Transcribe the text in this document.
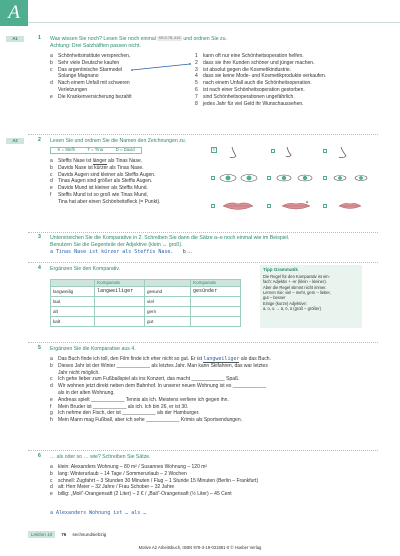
A
A1	1 Was wissen Sie noch? Lesen Sie noch einmal KB 5-7B, A16 und ordnen Sie zu.
Achtung: Drei Satzhälften passen nicht.
a	Schönheitsinstitute versprechen,
b	Sehr viele Deutsche kaufen
c	Das argentinische Starmodel
Solange Magnano
d	Nach einem Unfall mit schweren
Verletzungen
e	Die Krankenversicherung bezahlt
1	kann oft nur eine Schönheitsoperation helfen.
2	dass sie ihre Kunden schöner und jünger machen.
3	ist absolut gegen die Kosmetikindustrie.
4	dass sie keine Mode- und Kosmetikprodukte verkaufen.
5	nach einem Unfall auch die Schönheitsoperation.
6	ist nach einer Schönheitsoperation gestorben.
7	sind Schönheitsoperationen ungefährlich.
8	jedes Jahr für viel Geld ihr Wunschaussehen.
A2	2 Lesen Sie und ordnen Sie die Namen den Zeichnungen zu.
S = Steffi	T = Tina	D = David
a	Steffis Nase ist länger als Tinas Nase.
b	Davids Nase ist kürzer als Tinas Nase.
c	Davids Augen sind kleiner als Steffis Augen.
d	Tinas Augen sind größer als Steffis Augen.
e	Davids Mund ist kleiner als Steffis Mund.
f	Steffis Mund ist so groß wie Tinas Mund,
Tina hat aber einen Schönheitsfleck (= Punkt).
T
3 Unterstreichen Sie die Komparative in 2. Schreiben Sie dann die Sätze a–e noch einmal wie im Beispiel.
Benutzen Sie die Gegenteile der Adjektive (klein ↔ groß).
a Tinas Nase ist kürzer als Steffis Nase. b …
4 Ergänzen Sie den Komparativ.
	Komparativ		Komparativ
langweilig	langweiliger	gesund	gesünder
laut		viel	
alt		gern	
kalt		gut	
Tipp Grammatik
Die Regel für den Komparativ ist ein-
fach: Adjektiv + -er (klein – kleiner).
Aber die Regel stimmt nicht immer.
Lernen Sie: viel – mehr, gern – lieber,
gut – besser
Einige (kurze) Adjektive:
a, o, u → ä, ö, ü (groß – größer)
5 Ergänzen Sie die Komparative aus 4.
a	Das Buch finde ich toll, den Film finde ich eher nicht so gut. Er ist langweiliger als das Buch.
b	Dieses Jahr ist der Winter ____________ als letztes Jahr. Man kann Skifahren, das war letztes
Jahr nicht möglich.
c	Ich gehe lieber zum Fußballspiel als ins Konzert, das macht ____________ Spaß.
d	Wir wohnen jetzt direkt neben dem Bahnhof. In unserer neuen Wohnung ist es ____________
als in der alten Wohnung.
e	Andreas spielt ____________ Tennis als ich. Meistens verliere ich gegen ihn.
f	Mein Bruder ist ____________ als ich. Ich bin 26, er ist 30.
g	Ich nehme den Fisch, der ist ____________ als der Hamburger.
h	Mein Mann mag Fußball, aber ich sehe ____________ Krimis als Sportsendungen.
6 … als oder so … wie? Schreiben Sie Sätze.
a	klein: Alexanders Wohnung – 80 m² / Susannes Wohnung – 120 m²
b	lang: Winterurlaub – 14 Tage / Sommerurlaub – 2 Wochen
c	schnell: Zugfahrt – 3 Stunden 30 Minuten / Flug – 1 Stunde 15 Minuten (Berlin – Frankfurt)
d	alt: Herr Meier – 32 Jahre / Frau Schober – 32 Jahre
e	billig: „Moli“-Orangensaft (2 Liter) – 2 € / „Bali“-Orangensaft (½ Liter) – 45 Cent
a Alexanders Wohnung ist … als …
Lektion 10	76 sechsundsiebzig
Motive A2 Arbeitsbuch, ISBN 978-3-19-031881-0 © Hueber Verlag
